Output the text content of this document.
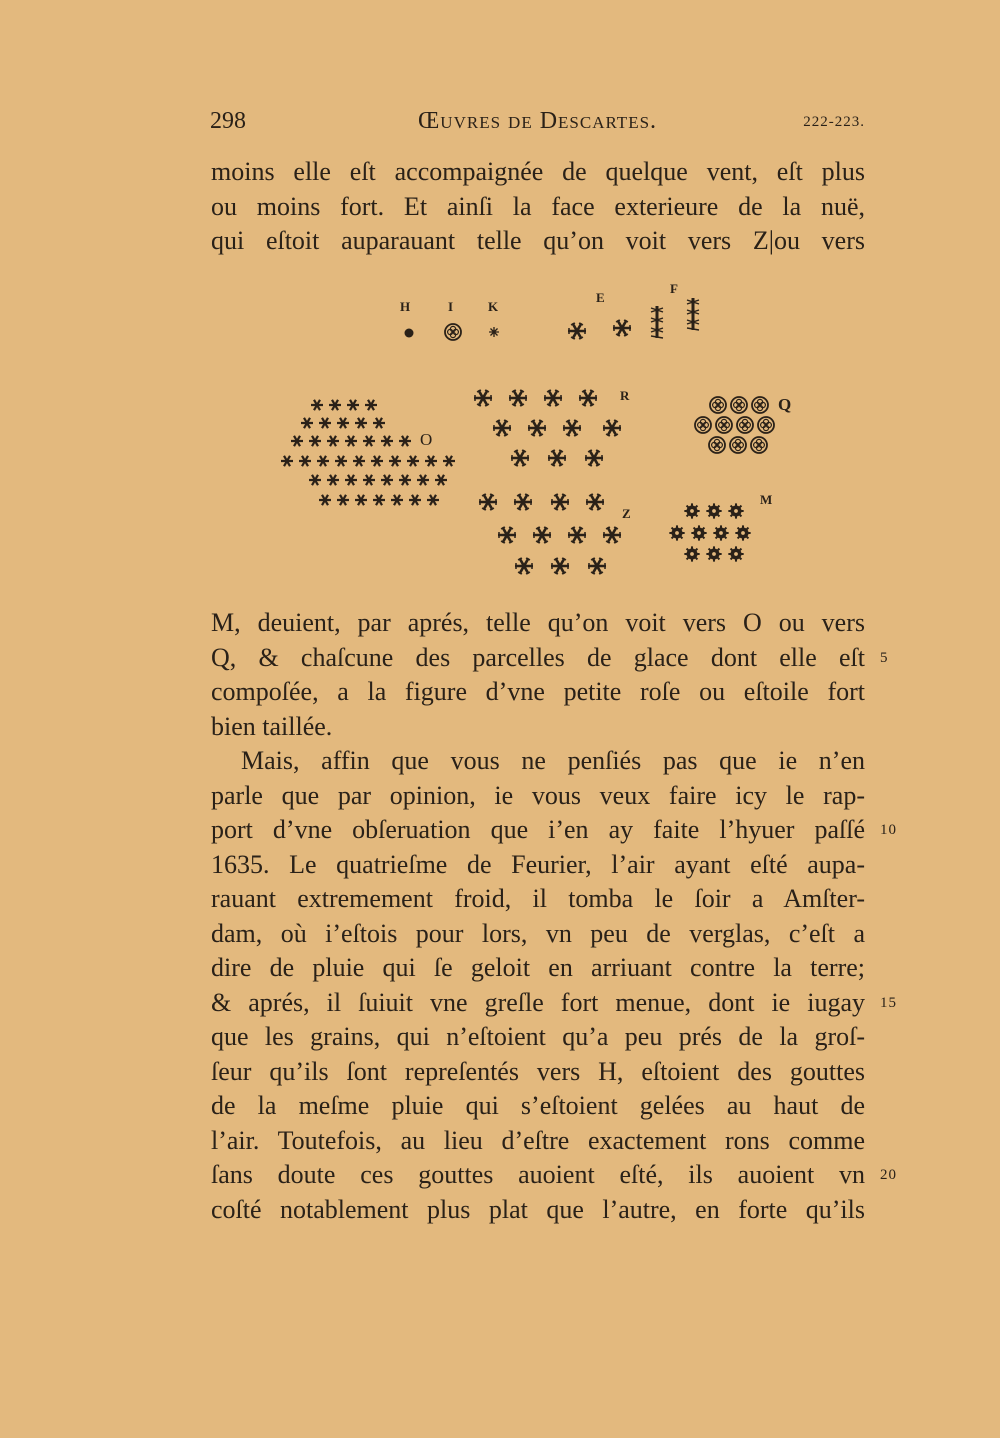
298	Œuvres de Descartes.	222-223.
moins elle eſt accompaignée de quelque vent, eſt plus
ou moins fort. Et ainſi la face exterieure de la nuë,
qui eſtoit auparauant telle qu’on voit vers Z|ou vers
H	I	K
E
F
O
R	Q
Z
M
M, deuient, par aprés, telle qu’on voit vers O ou vers
Q, & chaſcune des parcelles de glace dont elle eſt
compoſée, a la figure d’vne petite roſe ou eſtoile fort
bien taillée.
Mais, affin que vous ne penſiés pas que ie n’en
parle que par opinion, ie vous veux faire icy le rap-
port d’vne obſeruation que i’en ay faite l’hyuer paſſé
1635. Le quatrieſme de Feurier, l’air ayant eſté aupa-
rauant extremement froid, il tomba le ſoir a Amſter-
dam, où i’eſtois pour lors, vn peu de verglas, c’eſt a
dire de pluie qui ſe geloit en arriuant contre la terre;
& aprés, il ſuiuit vne greſle fort menue, dont ie iugay
que les grains, qui n’eſtoient qu’a peu prés de la groſ-
ſeur qu’ils ſont repreſentés vers H, eſtoient des gouttes
de la meſme pluie qui s’eſtoient gelées au haut de
l’air. Toutefois, au lieu d’eſtre exactement rons comme
ſans doute ces gouttes auoient eſté, ils auoient vn
coſté notablement plus plat que l’autre, en forte qu’ils
5
10
15
20
